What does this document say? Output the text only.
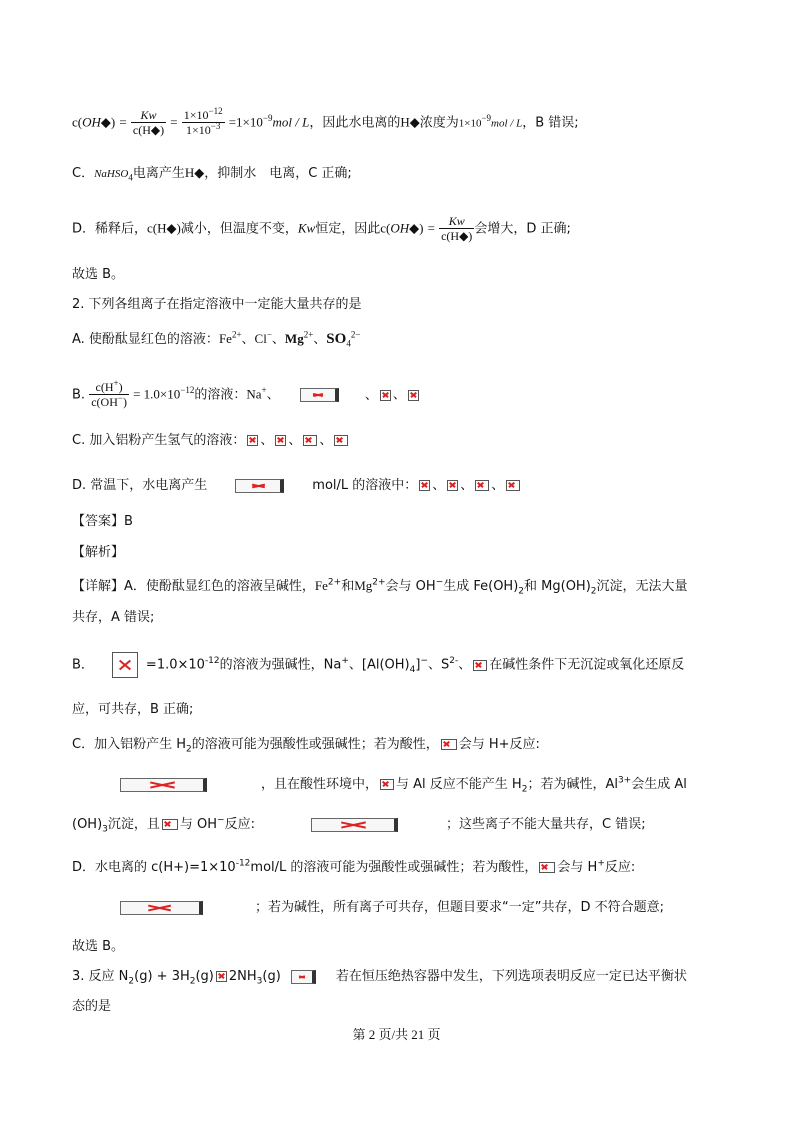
c(OH◆) = $\frac{Kw}{c(H◆)} = \frac{1\times 10^{-12}}{1\times 10^{-3}} =1\times 10^{-9}mol / L$，因此水电离的H◆浓度为$1\times 10^{-9}mol / L$，B 错误;
C．NaHSO$_4$电离产生H◆，抑制水　电离，C 正确;
D．稀释后，c(H◆)减小，但温度不变，Kw恒定，因此c(OH◆) = $\frac{Kw}{c(H◆)}$ 会增大，D 正确;
故选 B。
2. 下列各组离子在指定溶液中一定能大量共存的是
A. 使酚酞显红色的溶液：$Fe^{2+}$、Cl−、$Mg^{2+}$、$SO_4^{2-}$
B. $\frac{c(H^+)}{c(OH^-)} = 1.0\times 10^{-12}$的溶液：Na+、	、 、
C. 加入铝粉产生氢气的溶液： 、 、 、
D. 常温下，水电离产生	mol/L 的溶液中： 、 、 、
【答案】B
【解析】
【详解】A．使酚酞显红色的溶液呈碱性，$Fe^{2+}$和$Mg^{2+}$会与 OH−生成 $Fe(OH)_2$和 $Mg(OH)_2$沉淀，无法大量
共存，A 错误;
B．	$=1.0\times 10^{-12}$的溶液为强碱性，Na+、$[Al(OH)_4]^-$、$S^{2-}$、 在碱性条件下无沉淀或氧化还原反
应，可共存，B 正确;
C．加入铝粉产生 $H_2$的溶液可能为强酸性或强碱性；若为酸性， 会与 H+反应:
，且在酸性环境中， 与 Al 反应不能产生 $H_2$；若为碱性，$Al^{3+}$会生成 Al
$(OH)_3$沉淀，且 与 OH−反应:	；这些离子不能大量共存，C 错误;
D．水电离的 $c(H+)=1\times 10^{-12}mol/L$ 的溶液可能为强酸性或强碱性；若为酸性， 会与 H+反应:
；若为碱性，所有离子可共存，但题目要求“一定”共存，D 不符合题意;
故选 B。
3. 反应 $N_2(g) + 3H_2(g)$ $2NH_3(g)$	若在恒压绝热容器中发生，下列选项表明反应一定已达平衡状
态的是
第 2 页/共 21 页
